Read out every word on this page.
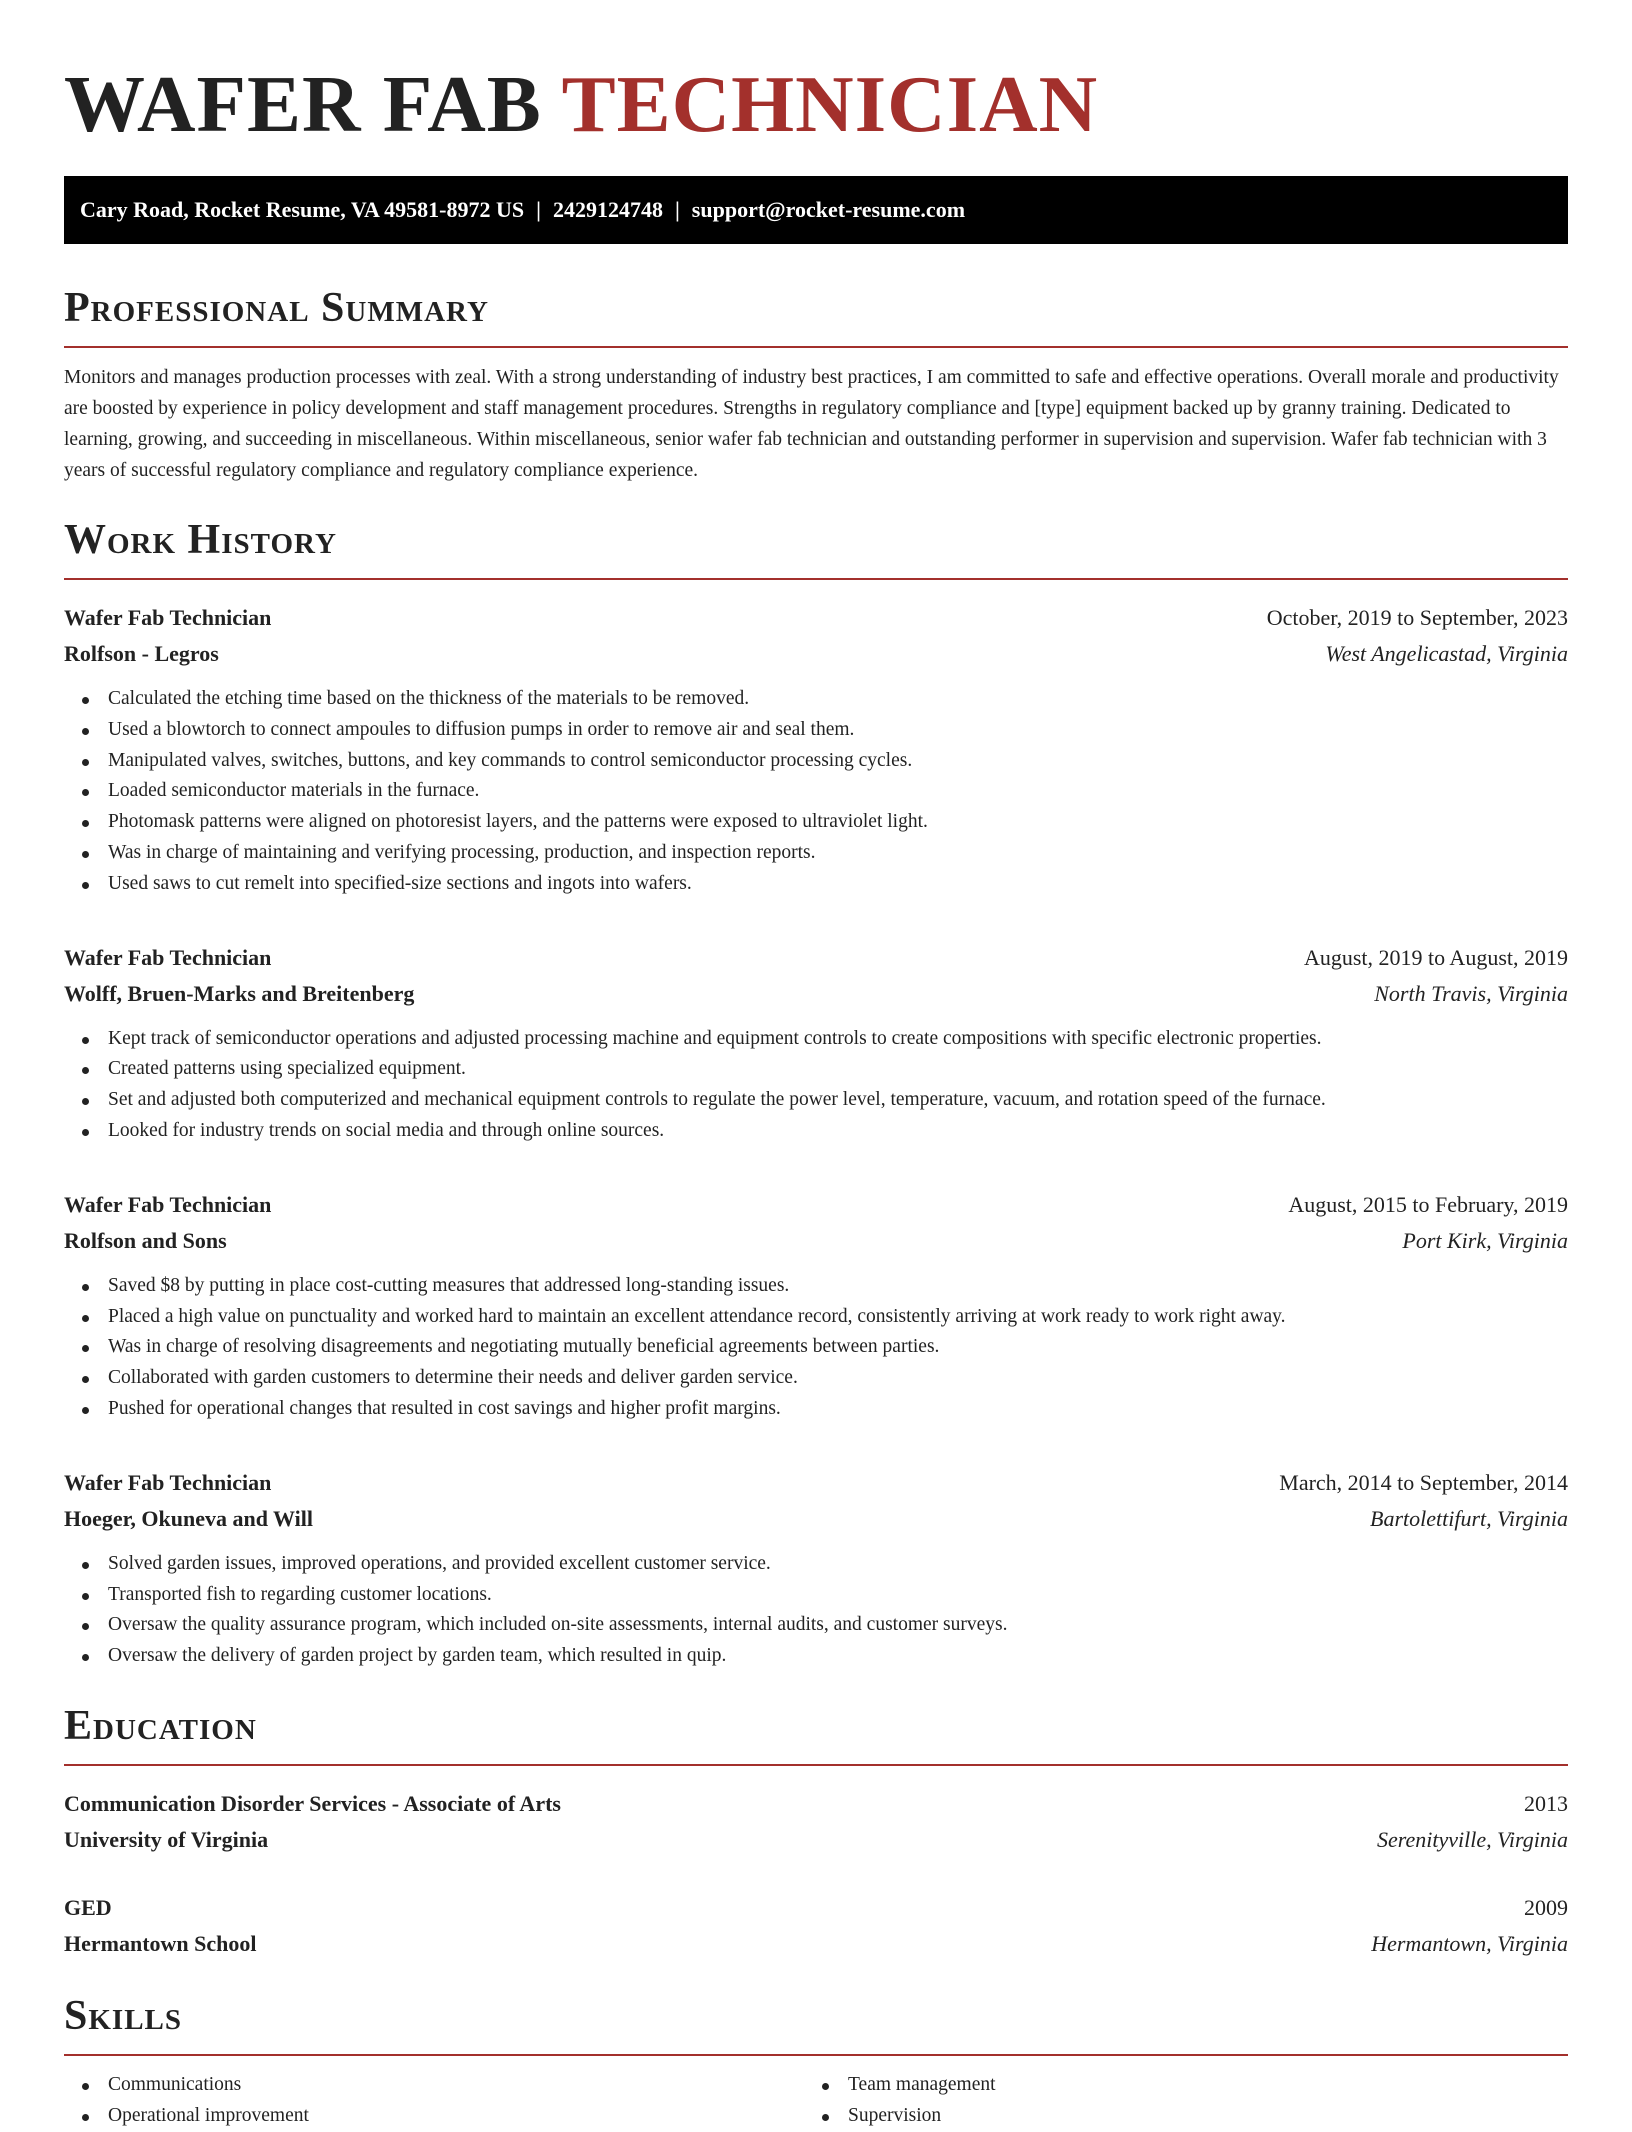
WAFER FAB TECHNICIAN
Cary Road, Rocket Resume, VA 49581-8972 US | 2429124748 | support@rocket-resume.com
Professional Summary

Monitors and manages production processes with zeal. With a strong understanding of industry best practices, I am committed to safe and effective operations. Overall morale and productivity are boosted by experience in policy development and staff management procedures. Strengths in regulatory compliance and [type] equipment backed up by granny training. Dedicated to learning, growing, and succeeding in miscellaneous. Within miscellaneous, senior wafer fab technician and outstanding performer in supervision and supervision. Wafer fab technician with 3 years of successful regulatory compliance and regulatory compliance experience.

Work History
Wafer Fab Technician	October, 2019 to September, 2023
Rolfson - Legros	West Angelicastad, Virginia
Calculated the etching time based on the thickness of the materials to be removed.
Used a blowtorch to connect ampoules to diffusion pumps in order to remove air and seal them.
Manipulated valves, switches, buttons, and key commands to control semiconductor processing cycles.
Loaded semiconductor materials in the furnace.
Photomask patterns were aligned on photoresist layers, and the patterns were exposed to ultraviolet light.
Was in charge of maintaining and verifying processing, production, and inspection reports.
Used saws to cut remelt into specified-size sections and ingots into wafers.
Wafer Fab Technician	August, 2019 to August, 2019
Wolff, Bruen-Marks and Breitenberg	North Travis, Virginia
Kept track of semiconductor operations and adjusted processing machine and equipment controls to create compositions with specific electronic properties.
Created patterns using specialized equipment.
Set and adjusted both computerized and mechanical equipment controls to regulate the power level, temperature, vacuum, and rotation speed of the furnace.
Looked for industry trends on social media and through online sources.
Wafer Fab Technician	August, 2015 to February, 2019
Rolfson and Sons	Port Kirk, Virginia
Saved $8 by putting in place cost-cutting measures that addressed long-standing issues.
Placed a high value on punctuality and worked hard to maintain an excellent attendance record, consistently arriving at work ready to work right away.
Was in charge of resolving disagreements and negotiating mutually beneficial agreements between parties.
Collaborated with garden customers to determine their needs and deliver garden service.
Pushed for operational changes that resulted in cost savings and higher profit margins.
Wafer Fab Technician	March, 2014 to September, 2014
Hoeger, Okuneva and Will	Bartolettifurt, Virginia
Solved garden issues, improved operations, and provided excellent customer service.
Transported fish to regarding customer locations.
Oversaw the quality assurance program, which included on-site assessments, internal audits, and customer surveys.
Oversaw the delivery of garden project by garden team, which resulted in quip.
Education
Communication Disorder Services - Associate of Arts	2013
University of Virginia	Serenityville, Virginia
GED	2009
Hermantown School	Hermantown, Virginia
Skills
Communications
Operational improvement
Team management
Supervision
